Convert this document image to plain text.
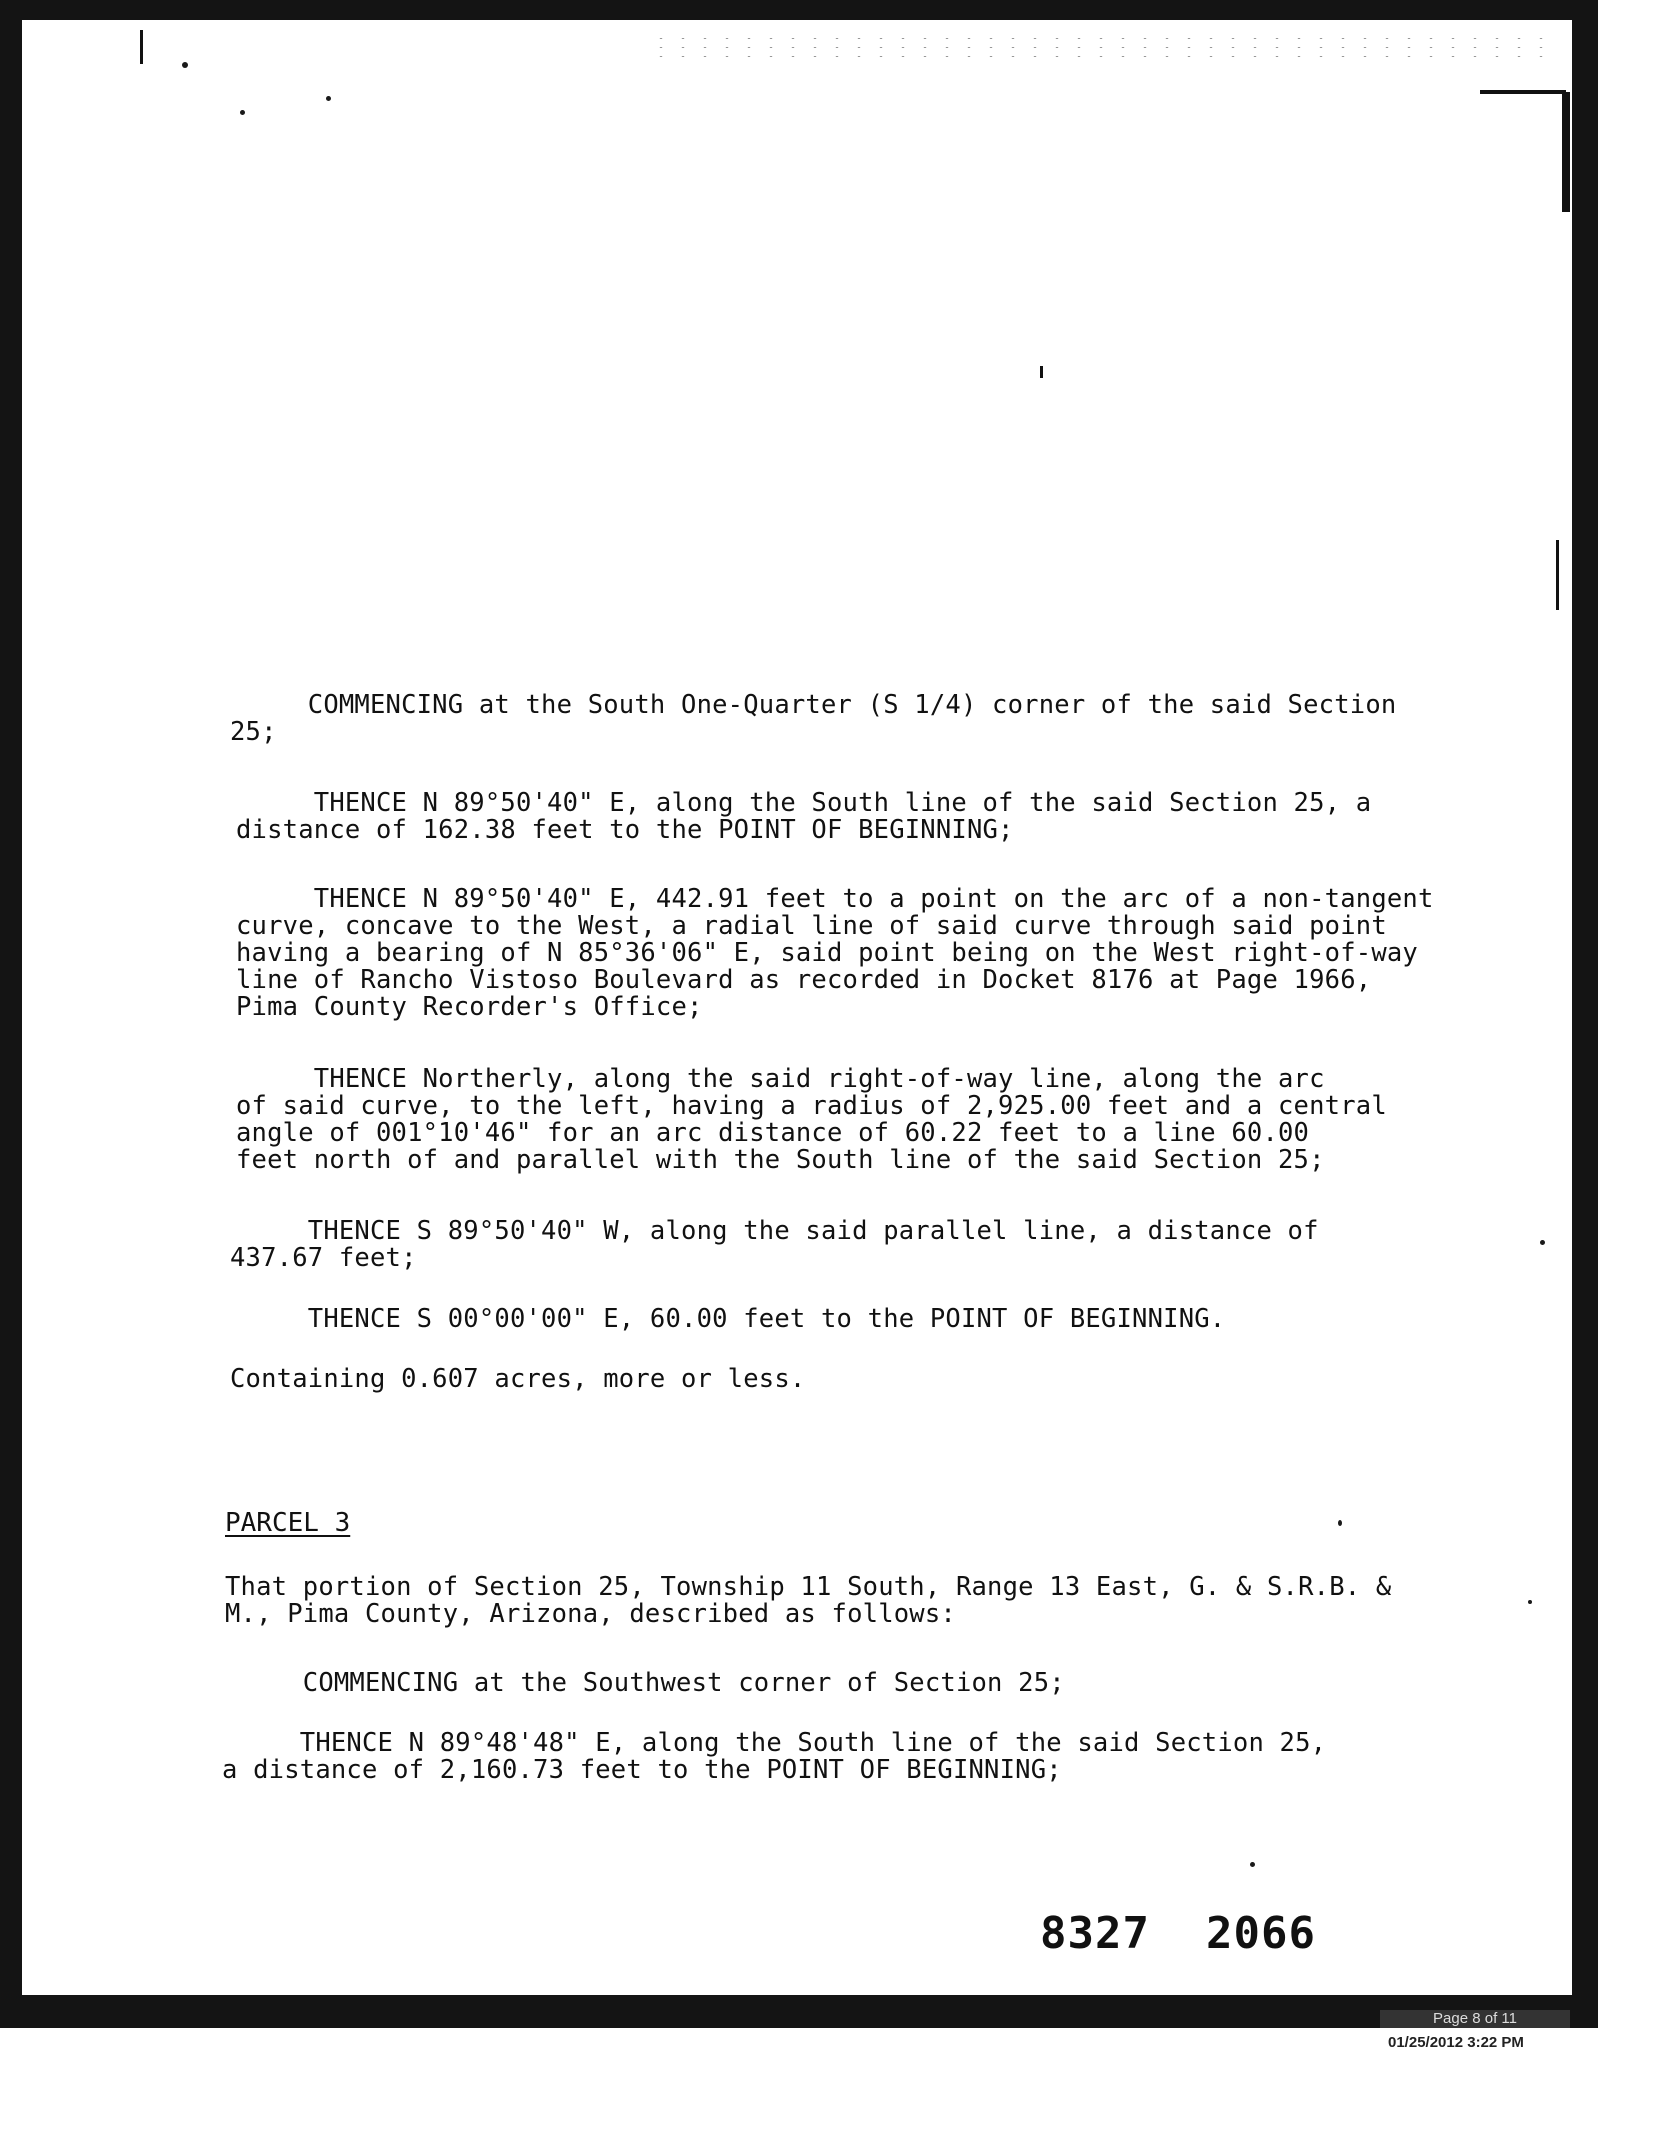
COMMENCING at the South One-Quarter (S 1/4) corner of the said Section
25;

THENCE N 89°50'40" E, along the South line of the said Section 25, a
distance of 162.38 feet to the POINT OF BEGINNING;

THENCE N 89°50'40" E, 442.91 feet to a point on the arc of a non-tangent
curve, concave to the West, a radial line of said curve through said point
having a bearing of N 85°36'06" E, said point being on the West right-of-way
line of Rancho Vistoso Boulevard as recorded in Docket 8176 at Page 1966,
Pima County Recorder's Office;

THENCE Northerly, along the said right-of-way line, along the arc
of said curve, to the left, having a radius of 2,925.00 feet and a central
angle of 001°10'46" for an arc distance of 60.22 feet to a line 60.00
feet north of and parallel with the South line of the said Section 25;

THENCE S 89°50'40" W, along the said parallel line, a distance of
437.67 feet;

THENCE S 00°00'00" E, 60.00 feet to the POINT OF BEGINNING.

Containing 0.607 acres, more or less.

PARCEL 3

That portion of Section 25, Township 11 South, Range 13 East, G. & S.R.B. &
M., Pima County, Arizona, described as follows:

COMMENCING at the Southwest corner of Section 25;

THENCE N 89°48'48" E, along the South line of the said Section 25,
a distance of 2,160.73 feet to the POINT OF BEGINNING;

8327 2066
Page 8 of 11
01/25/2012 3:22 PM
